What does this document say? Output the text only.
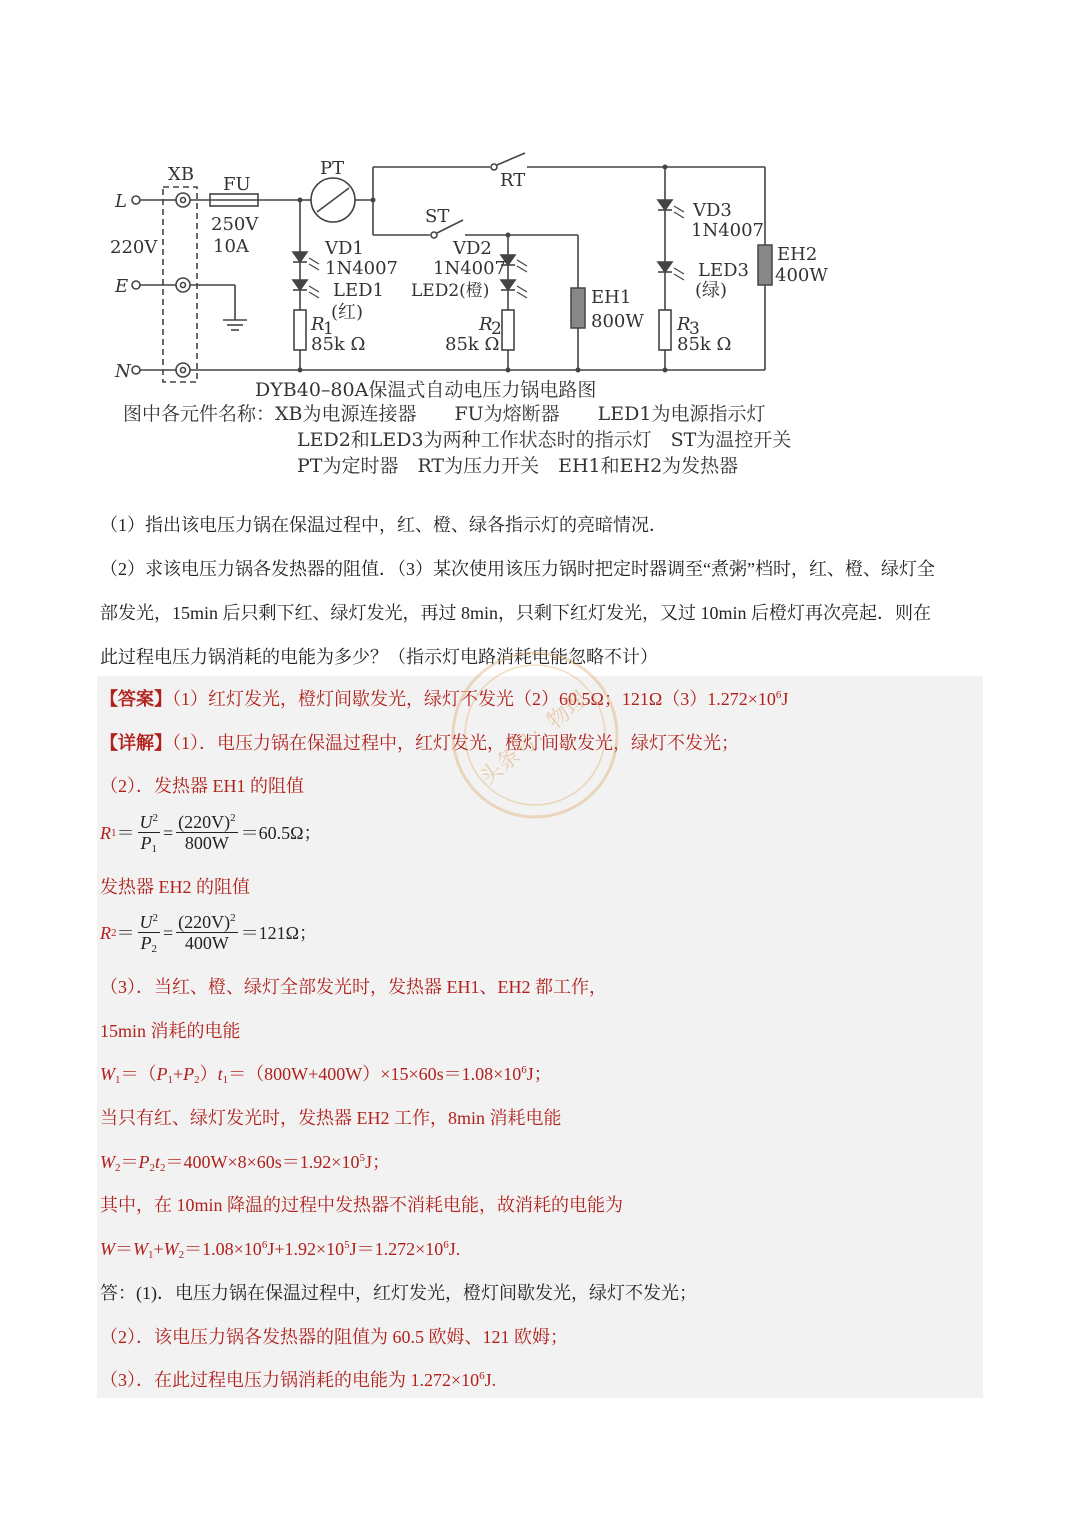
L
220V
E
N
XB FU
250V
10A
PT
RT
ST
VD1
1N4007
LED1
(红)
R
1
85k Ω
VD2
1N4007
LED2(橙)
R
2
85k Ω
EH1
800W
VD3
1N4007
LED3
(绿)
R
3
85k Ω
EH2
400W
DYB40–80A保温式自动电压力锅电路图
图中各元件名称：XB为电源连接器　　FU为熔断器　　LED1为电源指示灯
LED2和LED3为两种工作状态时的指示灯　ST为温控开关
PT为定时器　RT为压力开关　EH1和EH2为发热器
（1）指出该电压力锅在保温过程中，红、橙、绿各指示灯的亮暗情况．
（2）求该电压力锅各发热器的阻值．（3）某次使用该压力锅时把定时器调至“煮粥”档时，红、橙、绿灯全
部发光，15min 后只剩下红、绿灯发光，再过 8min，只剩下红灯发光，又过 10min 后橙灯再次亮起．则在
此过程电压力锅消耗的电能为多少？（指示灯电路消耗电能忽略不计）
【答案】（1）红灯发光，橙灯间歇发光，绿灯不发光（2）60.5Ω；$121\Omega(3)1.272\times 10^6J$
【详解】（1）．电压力锅在保温过程中，红灯发光，橙灯间歇发光，绿灯不发光；
（2）．发热器 EH1 的阻值
R $1 = \frac{U^2}{P_1} = \frac{(220V)^2}{800W} =60.5\Omega$；
发热器 EH2 的阻值
R $2 = \frac{U^2}{P_2} = \frac{(220V)^2}{400W} =121\Omega$；
（3）．当红、橙、绿灯全部发光时，发热器 EH1、EH2 都工作，
15min 消耗的电能
$W_1=(P_1+P_2)t_1=(800W+400W)\times 15\times 60s=1.08\times 10^6J$；
当只有红、绿灯发光时，发热器 EH2 工作，8min 消耗电能
$W_2=P_2t_2=400W\times 8\times 60s=1.92\times 10^5J$；
其中，在 10min 降温的过程中发热器不消耗电能，故消耗的电能为
$W=W_1+W_2=1.08\times 10^6J+1.92\times 10^5J=1.272\times 10^6J$.
答：(1)．电压力锅在保温过程中，红灯发光，橙灯间歇发光，绿灯不发光；
（2）．该电压力锅各发热器的阻值为 60.5 欧姆、121 欧姆；
（3）．在此过程电压力锅消耗的电能为 $1.272\times 10^6J$.
头条号：物理
